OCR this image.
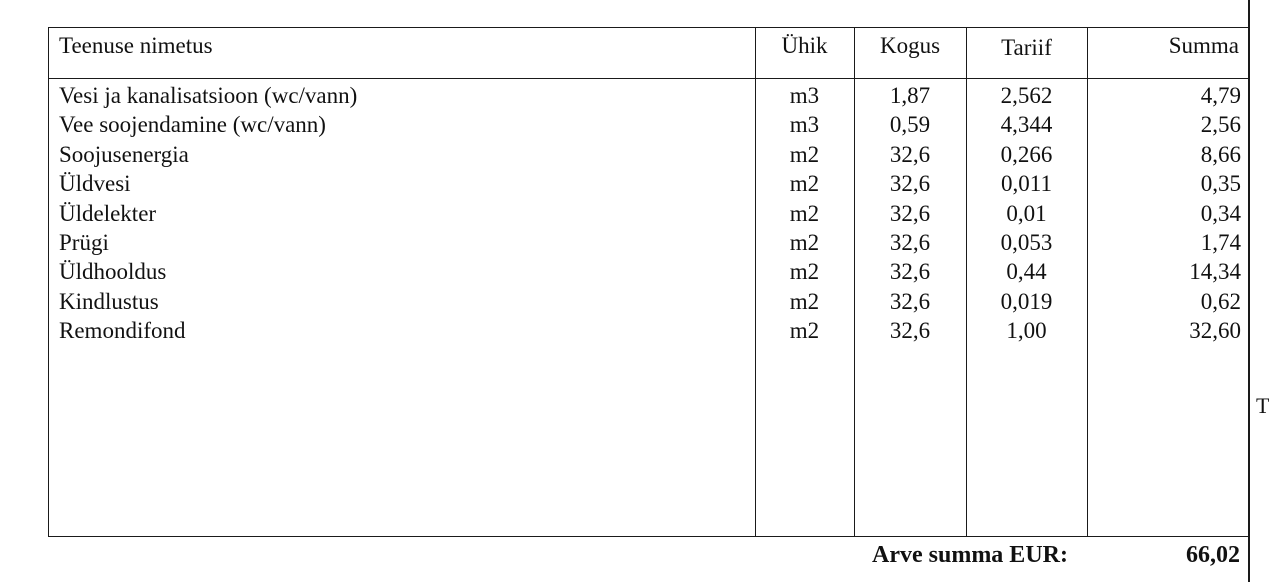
T
Teenuse nimetus	Ühik	Kogus	Tariif	Summa
Vesi ja kanalisatsioon (wc/vann)	m3	1,87	2,562	4,79
Vee soojendamine (wc/vann)	m3	0,59	4,344	2,56
Soojusenergia	m2	32,6	0,266	8,66
Üldvesi	m2	32,6	0,011	0,35
Üldelekter	m2	32,6	0,01	0,34
Prügi	m2	32,6	0,053	1,74
Üldhooldus	m2	32,6	0,44	14,34
Kindlustus	m2	32,6	0,019	0,62
Remondifond	m2	32,6	1,00	32,60
Arve summa EUR:	66,02
